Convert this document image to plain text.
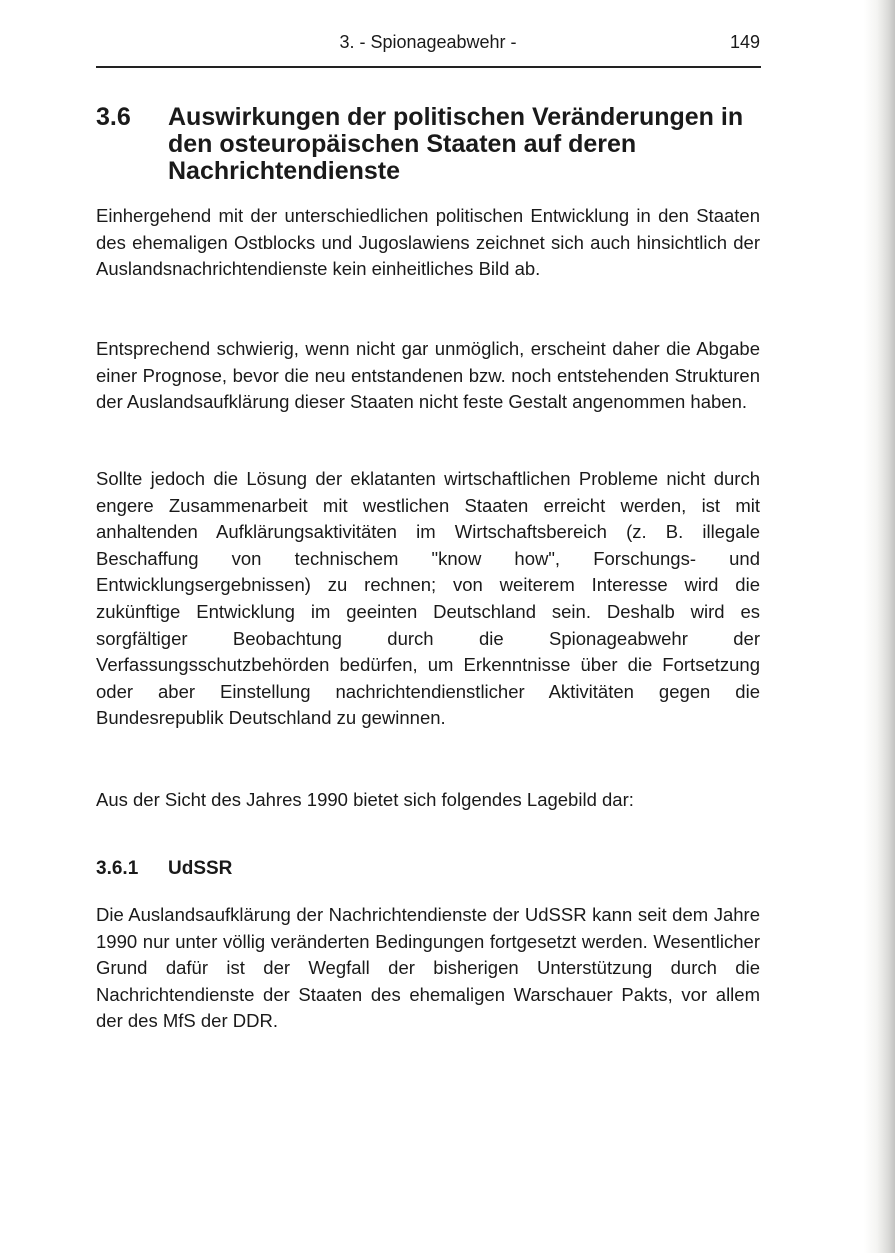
3. - Spionageabwehr -	149
3.6 Auswirkungen der politischen Veränderungen in den osteuropäischen Staaten auf deren Nachrichtendienste

Einhergehend mit der unterschiedlichen politischen Entwicklung in den Staaten des ehemaligen Ostblocks und Jugoslawiens zeichnet sich auch hinsichtlich der Auslandsnachrichtendienste kein einheitliches Bild ab.

Entsprechend schwierig, wenn nicht gar unmöglich, erscheint daher die Abgabe einer Prognose, bevor die neu entstandenen bzw. noch entstehenden Strukturen der Auslandsaufklärung dieser Staaten nicht feste Gestalt angenommen haben.

Sollte jedoch die Lösung der eklatanten wirtschaftlichen Probleme nicht durch engere Zusammenarbeit mit westlichen Staaten erreicht werden, ist mit anhaltenden Aufklärungsaktivitäten im Wirtschaftsbereich (z. B. illegale Beschaffung von technischem "know how", Forschungs- und Entwicklungsergebnissen) zu rechnen; von weiterem Interesse wird die zukünftige Entwicklung im geeinten Deutschland sein. Deshalb wird es sorgfältiger Beobachtung durch die Spionageabwehr der Verfassungsschutzbehörden bedürfen, um Erkenntnisse über die Fortsetzung oder aber Einstellung nachrichtendienstlicher Aktivitäten gegen die Bundesrepublik Deutschland zu gewinnen.

Aus der Sicht des Jahres 1990 bietet sich folgendes Lagebild dar:

3.6.1 UdSSR

Die Auslandsaufklärung der Nachrichtendienste der UdSSR kann seit dem Jahre 1990 nur unter völlig veränderten Bedingungen fortgesetzt werden. Wesentlicher Grund dafür ist der Wegfall der bisherigen Unterstützung durch die Nachrichtendienste der Staaten des ehemaligen Warschauer Pakts, vor allem der des MfS der DDR.
